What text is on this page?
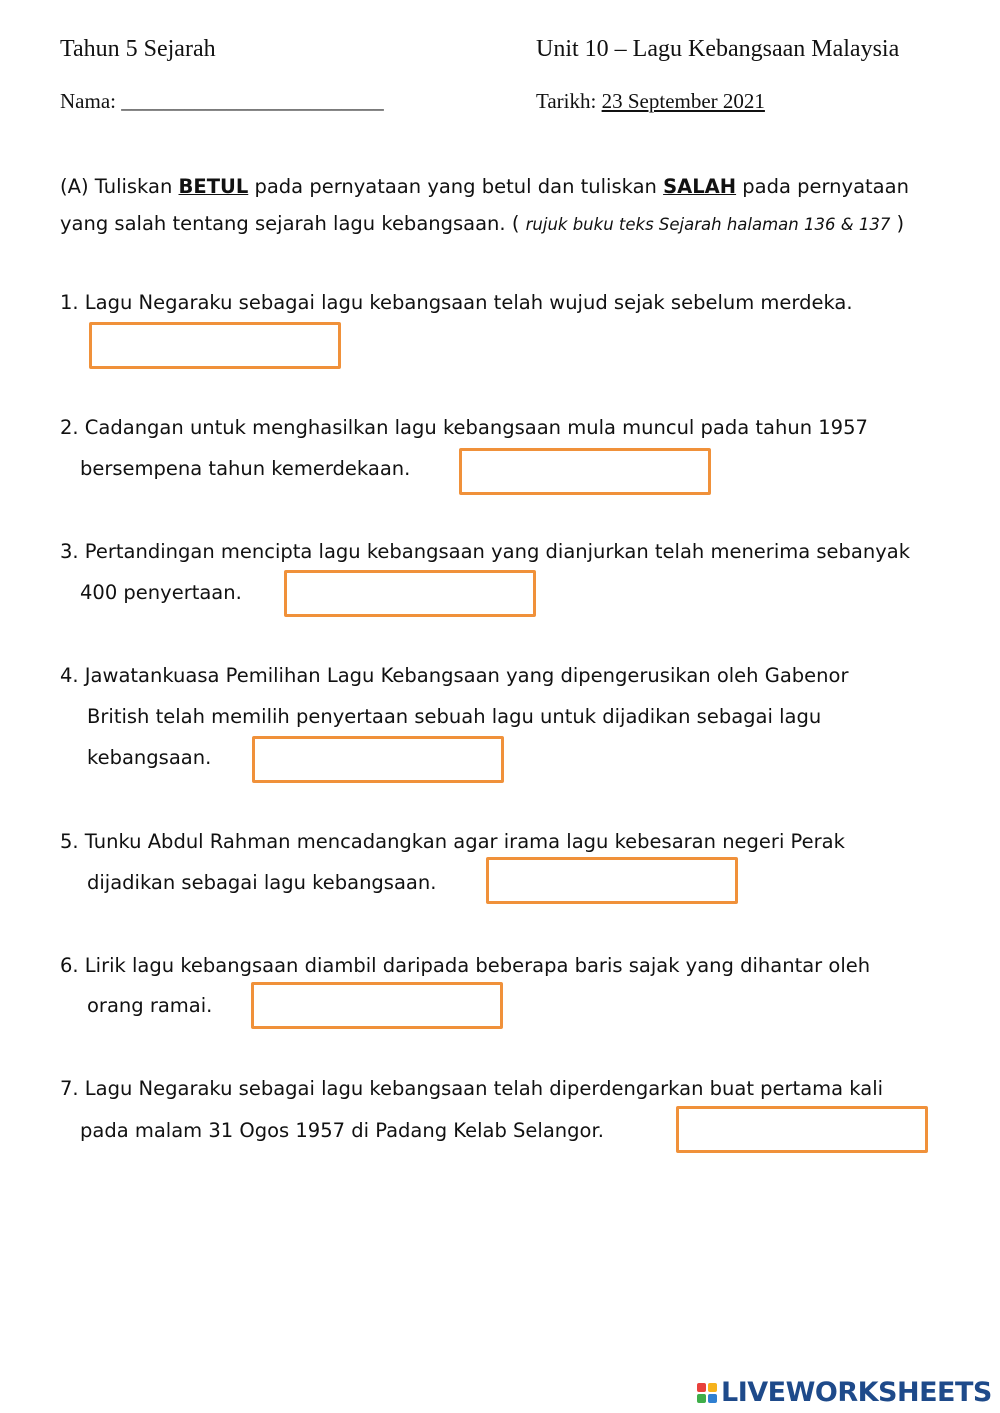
Tahun 5 Sejarah	Unit 10 – Lagu Kebangsaan Malaysia
Nama: _________________________	Tarikh: 23 September 2021
(A) Tuliskan BETUL pada pernyataan yang betul dan tuliskan SALAH pada pernyataan yang salah tentang sejarah lagu kebangsaan. ( rujuk buku teks Sejarah halaman 136 & 137 )
1. Lagu Negaraku sebagai lagu kebangsaan telah wujud sejak sebelum merdeka.
2. Cadangan untuk menghasilkan lagu kebangsaan mula muncul pada tahun 1957
bersempena tahun kemerdekaan.
3. Pertandingan mencipta lagu kebangsaan yang dianjurkan telah menerima sebanyak
400 penyertaan.
4. Jawatankuasa Pemilihan Lagu Kebangsaan yang dipengerusikan oleh Gabenor
British telah memilih penyertaan sebuah lagu untuk dijadikan sebagai lagu
kebangsaan.
5. Tunku Abdul Rahman mencadangkan agar irama lagu kebesaran negeri Perak
dijadikan sebagai lagu kebangsaan.
6. Lirik lagu kebangsaan diambil daripada beberapa baris sajak yang dihantar oleh
orang ramai.
7. Lagu Negaraku sebagai lagu kebangsaan telah diperdengarkan buat pertama kali
pada malam 31 Ogos 1957 di Padang Kelab Selangor.
LIVEWORKSHEETS
